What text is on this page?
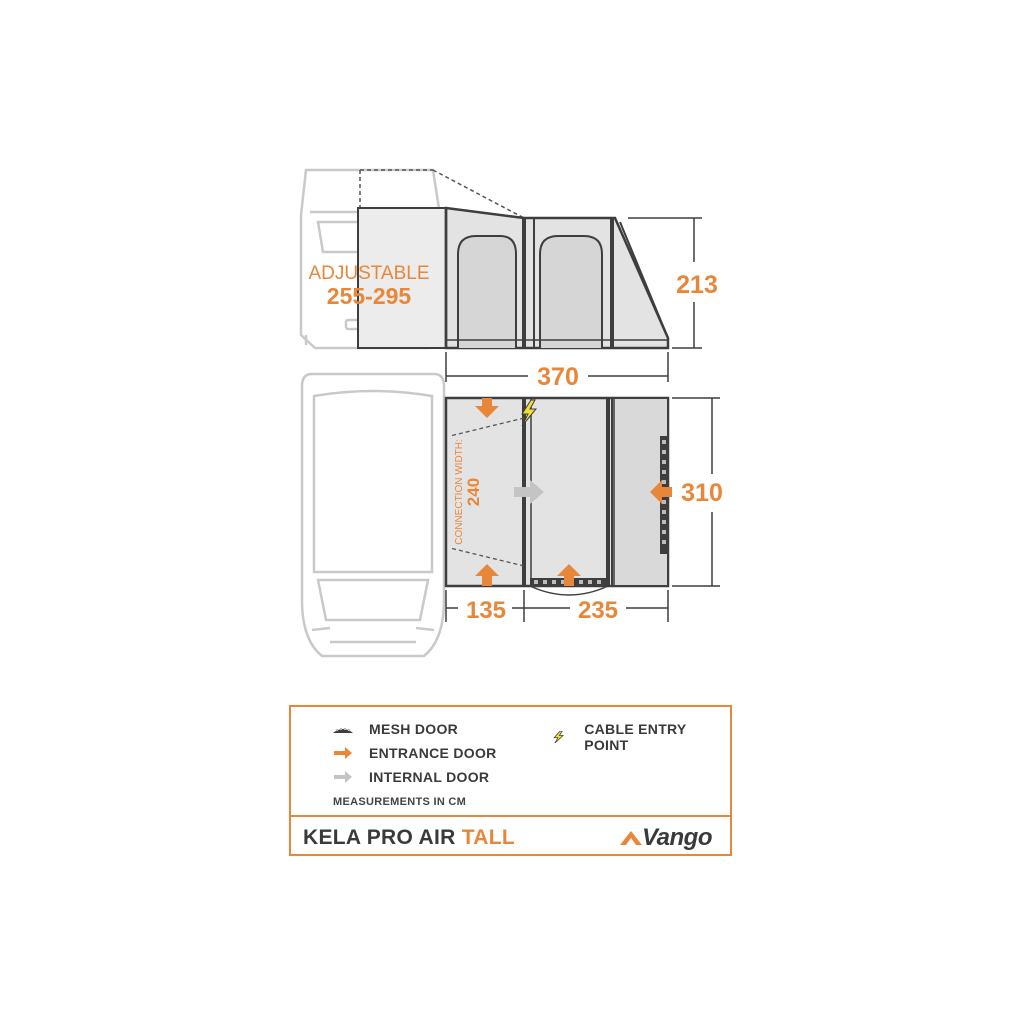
213
370
ADJUSTABLE
255-295
CONNECTION WIDTH: 240	310
135	235
MESH DOOR
ENTRANCE DOOR
INTERNAL DOOR
CABLE ENTRY POINT
MEASUREMENTS IN CM
KELA PRO AIR TALL	Vango
